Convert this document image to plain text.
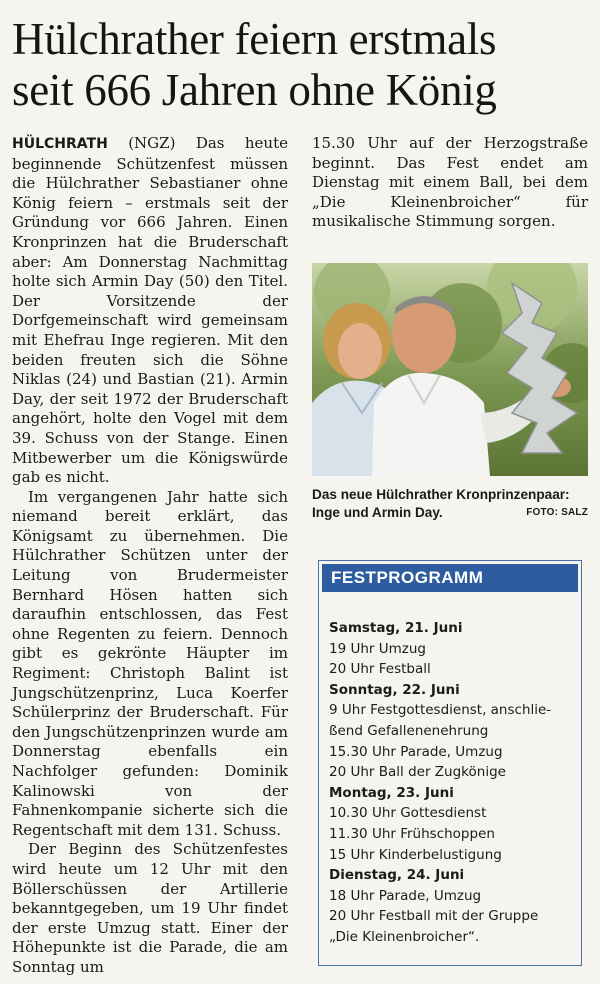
Hülchrather feiern erstmals
seit 666 Jahren ohne König

HÜLCHRATH (NGZ) Das heute beginnende Schützenfest müssen die Hülchrather Sebastianer ohne König feiern – erstmals seit der Gründung vor 666 Jahren. Einen Kronprinzen hat die Bruderschaft aber: Am Donnerstag Nachmittag holte sich Armin Day (50) den Titel. Der Vorsitzende der Dorfgemeinschaft wird gemeinsam mit Ehefrau Inge regieren. Mit den beiden freuten sich die Söhne Niklas (24) und Bastian (21). Armin Day, der seit 1972 der Bruderschaft angehört, holte den Vogel mit dem 39. Schuss von der Stange. Einen Mitbewerber um die Königswürde gab es nicht.

Im vergangenen Jahr hatte sich niemand bereit erklärt, das Königsamt zu übernehmen. Die Hülchrather Schützen unter der Leitung von Brudermeister Bernhard Hösen hatten sich daraufhin entschlossen, das Fest ohne Regenten zu feiern. Dennoch gibt es gekrönte Häupter im Regiment: Christoph Balint ist Jungschützenprinz, Luca Koerfer Schülerprinz der Bruderschaft. Für den Jungschützenprinzen wurde am Donnerstag ebenfalls ein Nachfolger gefunden: Dominik Kalinowski von der Fahnenkompanie sicherte sich die Regentschaft mit dem 131. Schuss.

Der Beginn des Schützenfestes wird heute um 12 Uhr mit den Böllerschüssen der Artillerie bekanntgegeben, um 19 Uhr findet der erste Umzug statt. Einer der Höhepunkte ist die Parade, die am Sonntag um

15.30 Uhr auf der Herzogstraße beginnt. Das Fest endet am Dienstag mit einem Ball, bei dem „Die Kleinenbroicher“ für musikalische Stimmung sorgen.

Das neue Hülchrather Kronprinzenpaar: Inge und Armin Day.	FOTO: SALZ
FESTPROGRAMM
Samstag, 21. Juni
19 Uhr Umzug
20 Uhr Festball
Sonntag, 22. Juni
9 Uhr Festgottesdienst, anschlie-
ßend Gefallenenehrung
15.30 Uhr Parade, Umzug
20 Uhr Ball der Zugkönige
Montag, 23. Juni
10.30 Uhr Gottesdienst
11.30 Uhr Frühschoppen
15 Uhr Kinderbelustigung
Dienstag, 24. Juni
18 Uhr Parade, Umzug
20 Uhr Festball mit der Gruppe
„Die Kleinenbroicher“.
